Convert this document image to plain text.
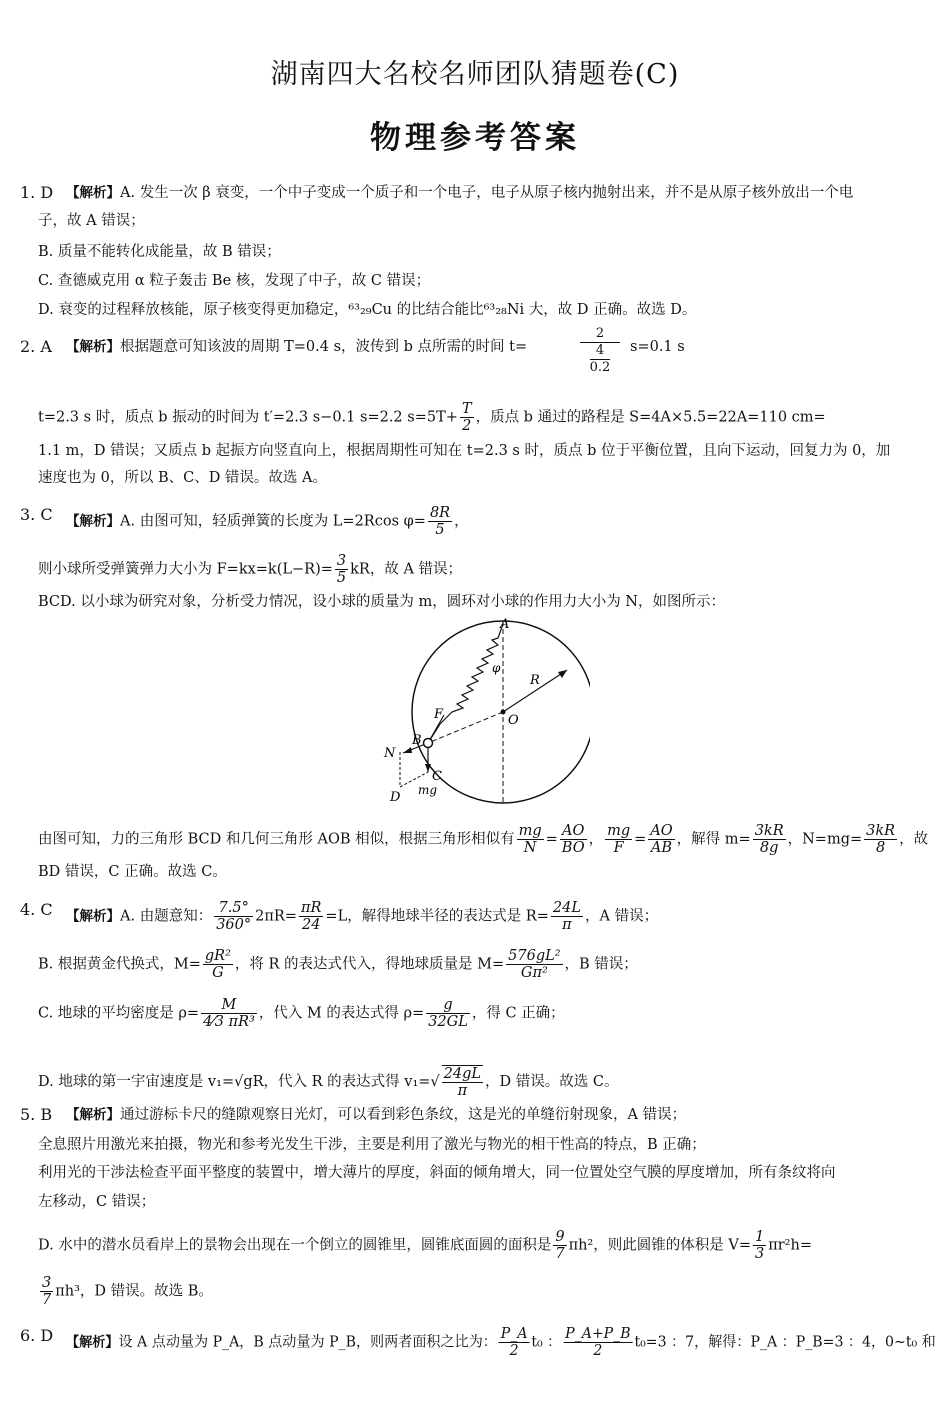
湖南四大名校名师团队猜题卷(C)
物理参考答案
1. D 【解析】A. 发生一次 β 衰变，一个中子变成一个质子和一个电子，电子从原子核内抛射出来，并不是从原子核外放出一个电
子，故 A 错误；
B. 质量不能转化成能量，故 B 错误；
C. 查德威克用 α 粒子轰击 Be 核，发现了中子，故 C 错误；
D. 衰变的过程释放核能，原子核变得更加稳定，⁶³₂₉Cu 的比结合能比⁶³₂₈Ni 大，故 D 正确。故选 D。
2. A 【解析】根据题意可知该波的周期 T=0.4 s，波传到 b 点所需的时间 t=
2
4
0.2
s=0.1 s
t=2.3 s 时，质点 b 振动的时间为 t′=2.3 s−0.1 s=2.2 $s=5T+ \frac{T}{2}$ ，质点 b 通过的路程是 S=4A×5.5=22A=110 cm=
1.1 m，D 错误；又质点 b 起振方向竖直向上，根据周期性可知在 t=2.3 s 时，质点 b 位于平衡位置，且向下运动，回复力为 0，加
速度也为 0，所以 B、C、D 错误。故选 A。
3. C 【解析】A. 由图可知，轻质弹簧的长度为 L=2Rcos $\varphi= \frac{8R}{5}$ ，
则小球所受弹簧弹力大小为 $F=kx=k(L-R)= \frac{3}{5}$ kR，故 A 错误；
BCD. 以小球为研究对象，分析受力情况，设小球的质量为 m，圆环对小球的作用力大小为 N，如图所示：
A
φ
R
O
F
B
N
C
mg
D
由图可知，力的三角形 BCD 和几何三角形 AOB 相似，根据三角形相似有 $\frac{mg}{N} = \frac{AO}{BO}$ ， $\frac{mg}{F} = \frac{AO}{AB}$ ，解得 $m= \frac{3kR}{8g}$ ，$N=mg= \frac{3kR}{8}$ ，故
BD 错误，C 正确。故选 C。
4. C 【解析】A. 由题意知： $\frac{7.5^\circ}{360^\circ} 2\pi R= \frac{\pi R}{24} =L$，解得地球半径的表达式是 $R= \frac{24L}{\pi}$ ，A 错误；
B. 根据黄金代换式，$M= \frac{\text{gR²}}{G}$ ，将 R 的表达式代入，得地球质量是 $M= \frac{\text{576gL²}}{\text{Gπ²}}$ ，B 错误；
C. 地球的平均密度是 $\rho= \frac{M}{\text{4⁄3 πR³}}$ ，代入 M 的表达式得 $\rho= \frac{g}{32GL}$ ，得 C 正确；
D. 地球的第一宇宙速度是 v₁=√gR，代入 R 的表达式得 $v_1=√ \frac{24gL}{\pi}$ ，D 错误。故选 C。
5. B 【解析】通过游标卡尺的缝隙观察日光灯，可以看到彩色条纹，这是光的单缝衍射现象，A 错误；
全息照片用激光来拍摄，物光和参考光发生干涉，主要是利用了激光与物光的相干性高的特点，B 正确；
利用光的干涉法检查平面平整度的装置中，增大薄片的厚度，斜面的倾角增大，同一位置处空气膜的厚度增加，所有条纹将向
左移动，C 错误；
D. 水中的潜水员看岸上的景物会出现在一个倒立的圆锥里，圆锥底面圆的面积是 $\frac{9}{7} \pi h^2$，则此圆锥的体积是 $V= \frac{1}{3} \pi r^2h=$
$\frac{3}{7} \pi h^3$，D 错误。故选 B。
6. D 【解析】设 A 点动量为 P_A，B 点动量为 P_B，则两者面积之比为： $\frac{P\_A}{2} t_0$ ： $\frac{P\_A+P\_B}{2} t_0=3$ ：7，解得：P_A ：P_B=3 ：4，0∼t₀ 和
